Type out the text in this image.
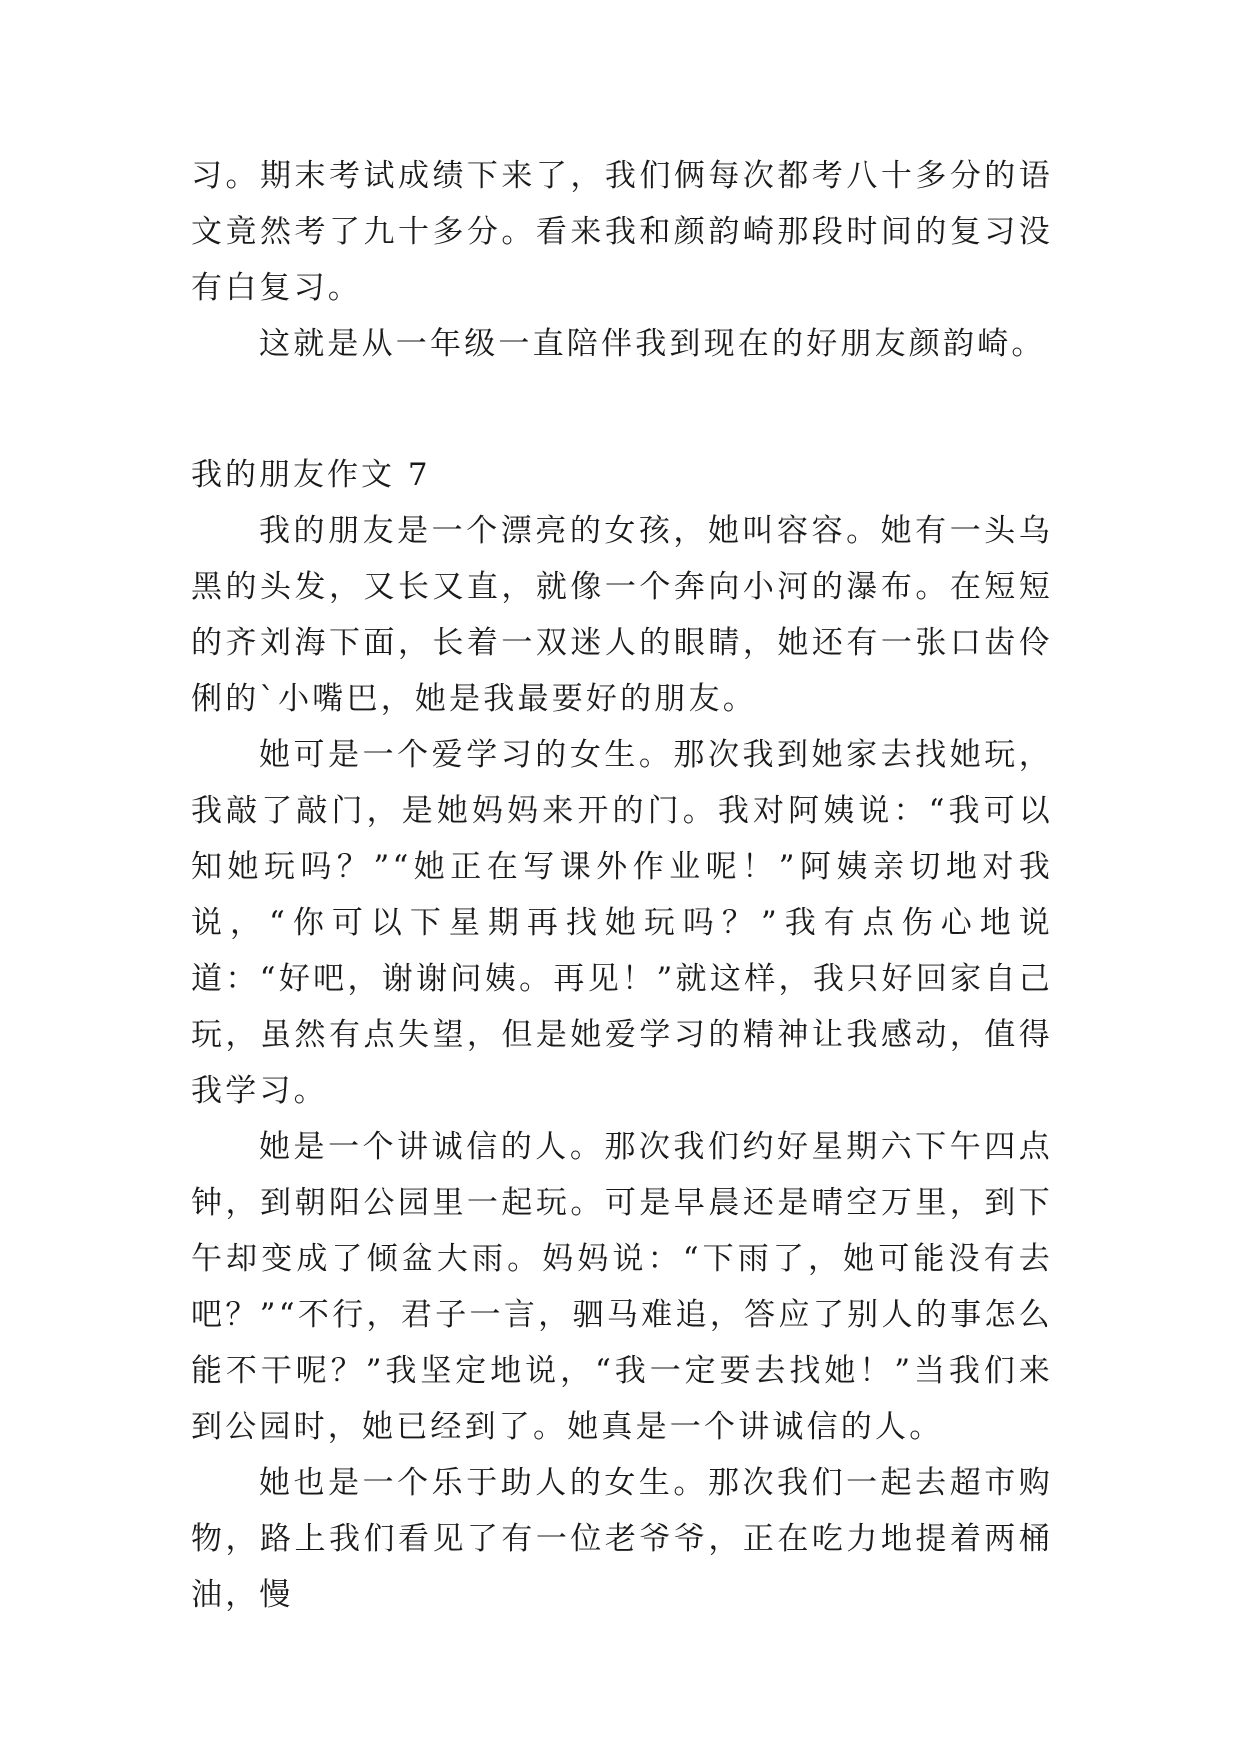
习。期末考试成绩下来了，我们俩每次都考八十多分的语文竟然考了九十多分。看来我和颜韵崎那段时间的复习没有白复习。

这就是从一年级一直陪伴我到现在的好朋友颜韵崎。

我的朋友作文 7

我的朋友是一个漂亮的女孩，她叫容容。她有一头乌黑的头发，又长又直，就像一个奔向小河的瀑布。在短短的齐刘海下面，长着一双迷人的眼睛，她还有一张口齿伶俐的`小嘴巴，她是我最要好的朋友。

她可是一个爱学习的女生。那次我到她家去找她玩，我敲了敲门，是她妈妈来开的门。我对阿姨说：“我可以知她玩吗？”“她正在写课外作业呢！”阿姨亲切地对我说，“你可以下星期再找她玩吗？”我有点伤心地说道：“好吧，谢谢问姨。再见！”就这样，我只好回家自己玩，虽然有点失望，但是她爱学习的精神让我感动，值得我学习。

她是一个讲诚信的人。那次我们约好星期六下午四点钟，到朝阳公园里一起玩。可是早晨还是晴空万里，到下午却变成了倾盆大雨。妈妈说：“下雨了，她可能没有去吧？”“不行，君子一言，驷马难追，答应了别人的事怎么能不干呢？”我坚定地说，“我一定要去找她！”当我们来到公园时，她已经到了。她真是一个讲诚信的人。

她也是一个乐于助人的女生。那次我们一起去超市购物，路上我们看见了有一位老爷爷，正在吃力地提着两桶油，慢
